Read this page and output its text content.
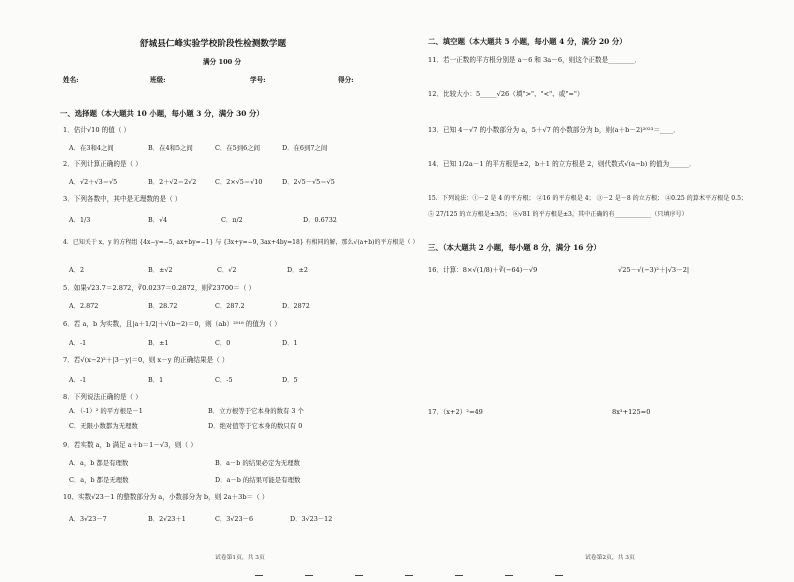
舒城县仁峰实验学校阶段性检测数学题
满分 100 分
姓名:	班级:	学号:	得分:
一、选择题（本大题共 10 小题，每小题 3 分，满分 30 分）
1．估计√10 的值（ ）
A．在3和4之间	B．在4和5之间	C．在5到6之间	D．在6到7之间
2．下列计算正确的是（ ）
A．√2＋√3＝√5	B．2＋√2＝2√2	C．2×√5＝√10	D．2√5－√5＝√5
3．下列各数中，其中是无理数的是（ ）
A．1/3	B．√4	C．π/2	D．0.6732
4．已知关于 x，y 的方程组 {4x−y=−5, ax+by=−1} 与 {3x+y=−9, 3ax+4by=18} 有相同的解，那么√(a+b)的平方根是（ ）
A．2	B．±√2	C．√2	D．±2
5．如果√23.7＝2.872，∛0.0237＝0.2872，则∛23700＝（ ）
A．2.872	B．28.72	C．287.2	D．2872
6．若 a，b 为实数，且|a＋1/2|＋√(b−2)＝0，则（ab）²⁰¹⁸ 的值为（ ）
A．-1	B．±1	C．0	D．1
7．若√(x−2)²＋|3－y|＝0，则 x－y 的正确结果是（ ）
A．-1	B．1	C．-5	D．5
8．下列说法正确的是（ ）
A．（-1）² 的平方根是－1	B．立方根等于它本身的数有 3 个
C．无限小数都为无理数	D．绝对值等于它本身的数只有 0
9．若实数 a，b 满足 a＋b＝1－√3，则（ ）
A．a，b 都是有理数	B．a－b 的结果必定为无理数
C．a，b 都是无理数	D．a－b 的结果可能是有理数
10、实数√23－1 的整数部分为 a，小数部分为 b，则 2a＋3b＝（ ）
A．3√23－7	B．2√23＋1	C．3√23－6	D．3√23－12
试卷第1页，共 3页
二、填空题（本大题共 5 小题，每小题 4 分，满分 20 分）
11．若一正数的平方根分别是 a－6 和 3a－6，则这个正数是________．
12．比较大小：5_____√26（填">"、"<"、或"="）
13．已知 4－√7 的小数部分为 a，5＋√7 的小数部分为 b，则(a＋b－2)²⁰²³＝____．
14．已知 1/2a－1 的平方根是±2，b＋1 的立方根是 2，则代数式√(a−b) 的值为______．
15．下列说法：①－2 是 4 的平方根； ②16 的平方根是 4； ③－2 是－8 的立方根； ④0.25 的算术平方根是 0.5；
⑤ 27/125 的立方根是±3/5； ⑥√81 的平方根是±3，其中正确的有____________（只填序号）
三、（本大题共 2 小题，每小题 8 分，满分 16 分）
16．计算：8×√(1/8)＋∛(−64)－√9	√25－√(−3)²＋|√3－2|
17．（x+2）²=49	8x³+125=0
试卷第2页，共 3页
